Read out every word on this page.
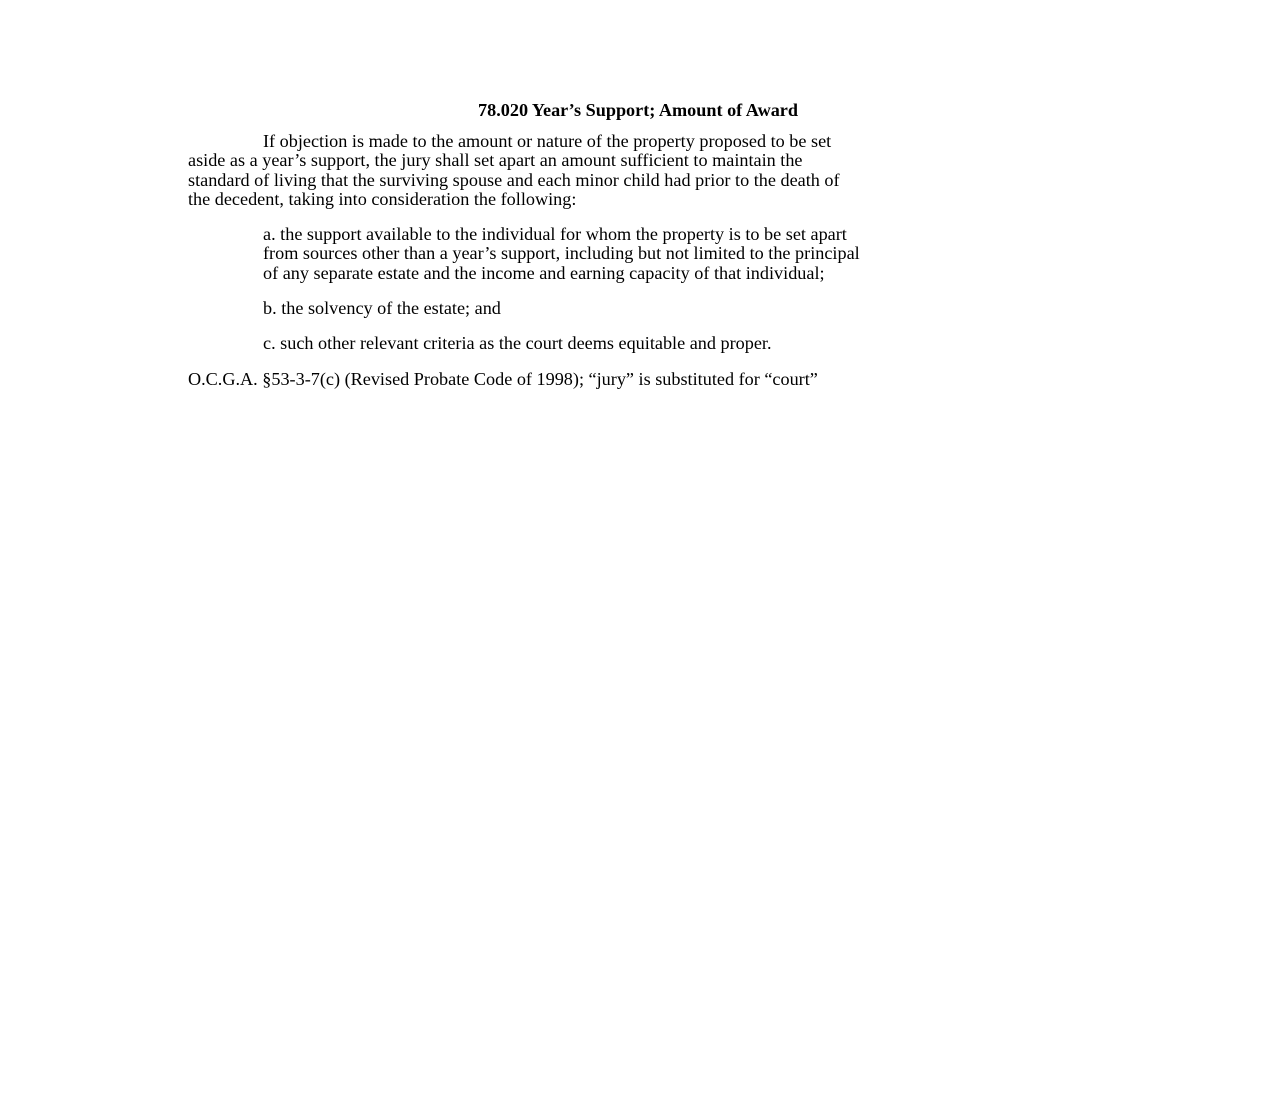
78.020 Year’s Support; Amount of Award
If objection is made to the amount or nature of the property proposed to be set
aside as a year’s support, the jury shall set apart an amount sufficient to maintain the
standard of living that the surviving spouse and each minor child had prior to the death of
the decedent, taking into consideration the following:
a. the support available to the individual for whom the property is to be set apart
from sources other than a year’s support, including but not limited to the principal
of any separate estate and the income and earning capacity of that individual;
b. the solvency of the estate; and
c. such other relevant criteria as the court deems equitable and proper.
O.C.G.A. §53-3-7(c) (Revised Probate Code of 1998); “jury” is substituted for “court”
